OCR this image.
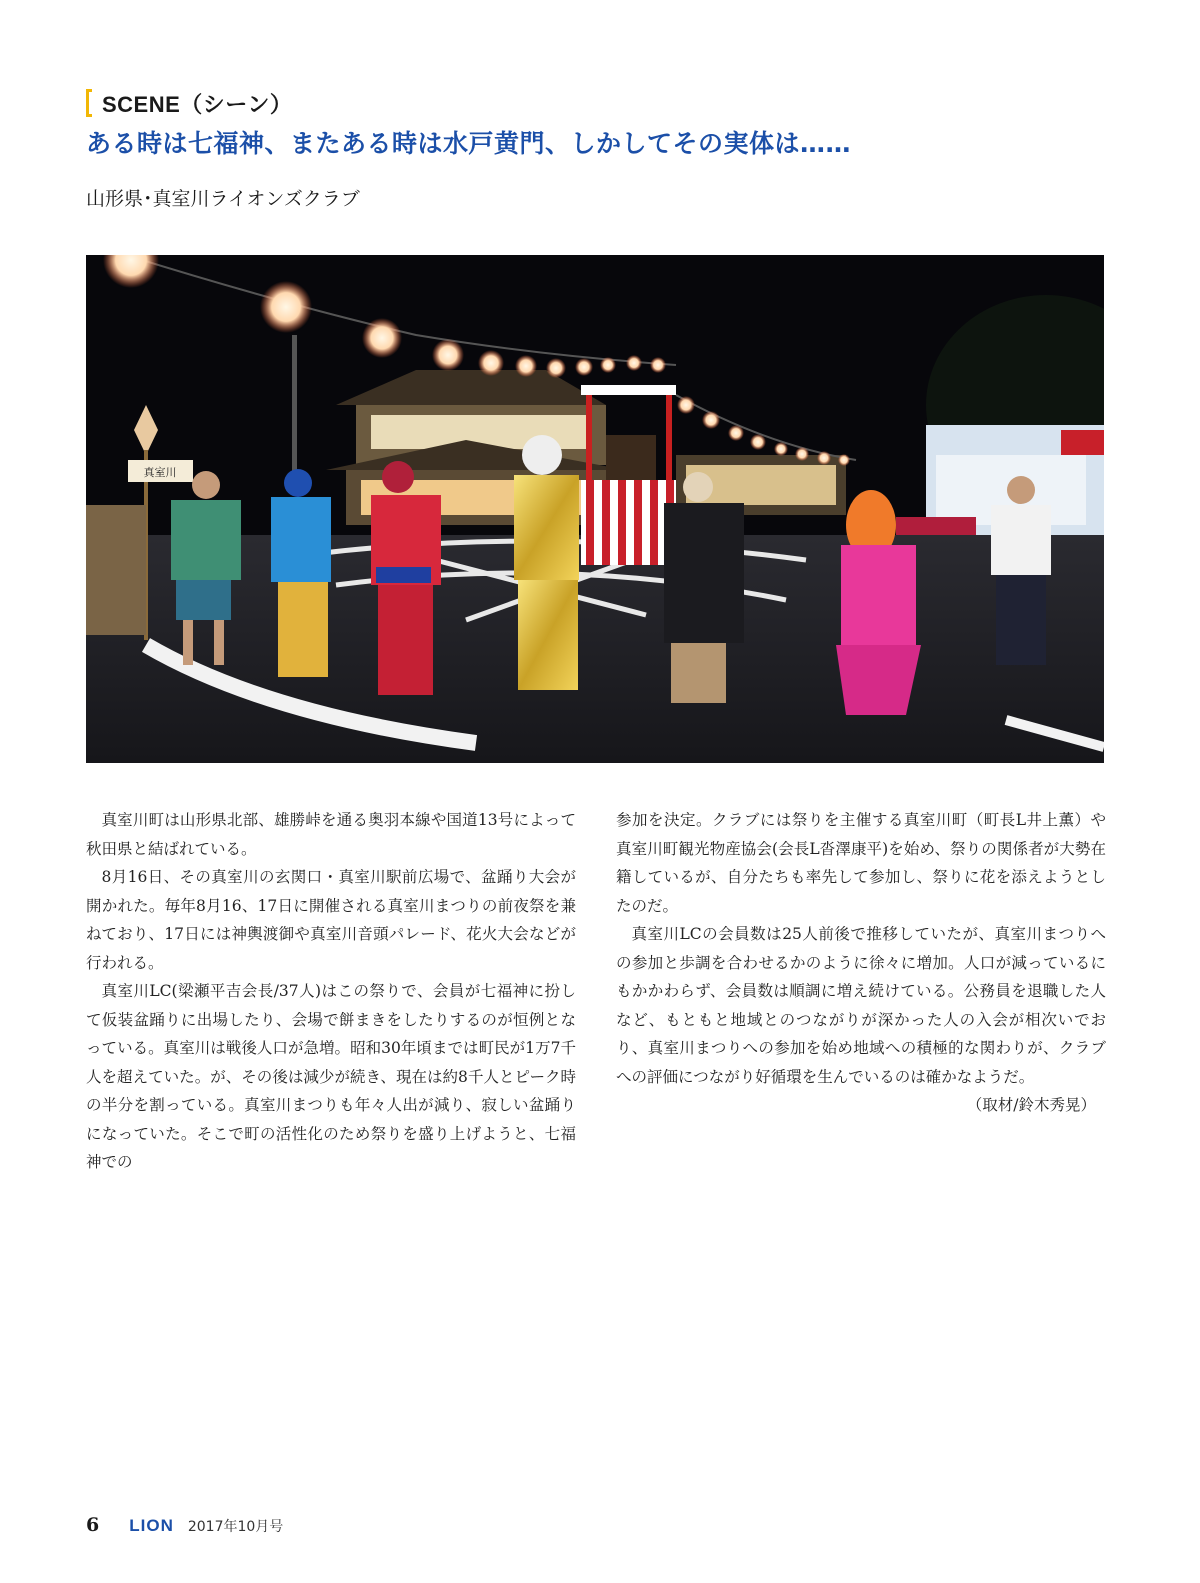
SCENE（シーン）
ある時は七福神、またある時は水戸黄門、しかしてその実体は……
山形県･真室川ライオンズクラブ
真室川

真室川町は山形県北部、雄勝峠を通る奥羽本線や国道13号によって秋田県と結ばれている。

8月16日、その真室川の玄関口・真室川駅前広場で、盆踊り大会が開かれた。毎年8月16、17日に開催される真室川まつりの前夜祭を兼ねており、17日には神輿渡御や真室川音頭パレード、花火大会などが行われる。

真室川LC(梁瀬平吉会長/37人)はこの祭りで、会員が七福神に扮して仮装盆踊りに出場したり、会場で餅まきをしたりするのが恒例となっている。真室川は戦後人口が急増。昭和30年頃までは町民が1万7千人を超えていた。が、その後は減少が続き、現在は約8千人とピーク時の半分を割っている。真室川まつりも年々人出が減り、寂しい盆踊りになっていた。そこで町の活性化のため祭りを盛り上げようと、七福神での

参加を決定。クラブには祭りを主催する真室川町（町長L井上薫）や真室川町観光物産協会(会長L沓澤康平)を始め、祭りの関係者が大勢在籍しているが、自分たちも率先して参加し、祭りに花を添えようとしたのだ。

真室川LCの会員数は25人前後で推移していたが、真室川まつりへの参加と歩調を合わせるかのように徐々に増加。人口が減っているにもかかわらず、会員数は順調に増え続けている。公務員を退職した人など、もともと地域とのつながりが深かった人の入会が相次いでおり、真室川まつりへの参加を始め地域への積極的な関わりが、クラブへの評価につながり好循環を生んでいるのは確かなようだ。

（取材/鈴木秀晃）

6 LION 2017年10月号
